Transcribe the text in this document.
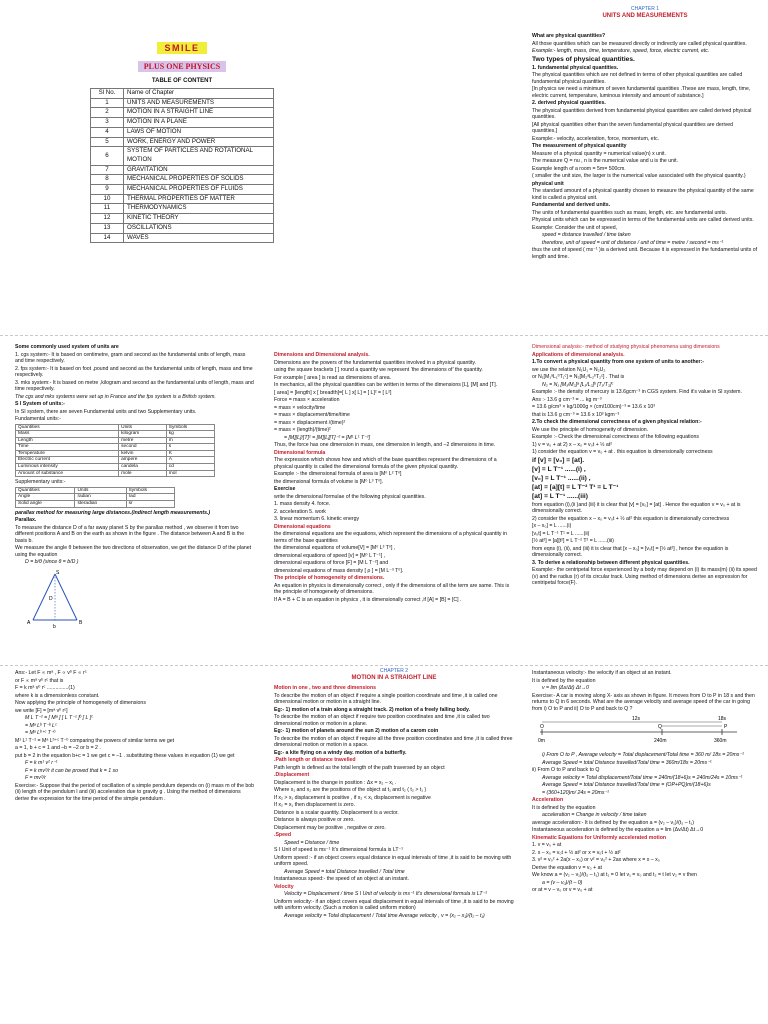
SMILE
PLUS ONE PHYSICS
TABLE OF CONTENT
Sl No.	Name of Chapter
1	UNITS AND MEASUREMENTS
2	MOTION IN A STRAIGHT LINE
3	MOTION IN A PLANE
4	LAWS OF MOTION
5	WORK, ENERGY AND POWER
6	SYSTEM OF PARTICLES AND ROTATIONAL MOTION
7	GRAVITATION
8	MECHANICAL PROPERTIES OF SOLIDS
9	MECHANICAL PROPERTIES OF FLUIDS
10	THERMAL PROPERTIES OF MATTER
11	THERMODYNAMICS
12	KINETIC THEORY
13	OSCILLATIONS
14	WAVES
CHAPTER 1
UNITS AND MEASUREMENTS

What are physical quantities?

All those quantities which can be measured directly or indirectly are called physical quantities.

Example:- length, mass, time, temperature, speed, force, electric current, etc.

Two types of physical quantities.

1. fundamental physical quantities.

The physical quantities which are not defined in terms of other physical quantities are called fundamental physical quantities.

[In physics we need a minimum of seven fundamental quantities .These are mass, length, time, electric current, temperature, luminous intensity and amount of substance.]

2. derived physical quantities.

The physical quantities derived from fundamental physical quantities are called derived physical quantities.

[All physical quantities other than the seven fundamental physical quantities are derived quantities.]

Example:- velocity, acceleration, force, momentum, etc.

The measurement of physical quantity

Measure of a physical quantity = numerical value(n) x unit.

The measure Q = nu , n is the numerical value and u is the unit.

Example length of a room = 5m= 500cm.

( smaller the unit size, the larger is the numerical value associated with the physical quantity.)

physical unit

The standard amount of a physical quantity chosen to measure the physical quantity of the same kind is called a physical unit.

Fundamental and derived units.

The units of fundamental quantities such as mass, length, etc. are fundamental units.

Physical units which can be expressed in terms of the fundamental units are called derived units.

Example: Consider the unit of speed,

speed = distance travelled / time taken

therefore, unit of speed = unit of distance / unit of time = metre / second = ms⁻¹

thus the unit of speed ( ms⁻¹ )is a derived unit. Because it is expressed in the fundamental units of length and time.

Some commonly used system of units are

1. cgs system:- It is based on centimetre, gram and second as the fundamental units of length, mass and time respectively.

2. fps system:- It is based on foot ,pound and second as the fundamental units of length, mass and time respectively.

3. mks system:- It is based on metre ,kilogram and second as the fundamental units of length, mass and time respectively.

The cgs and mks systems were set up in France and the fps system is a British system.

S I System of units:-

In SI system, there are seven Fundamental units and two Supplementary units.

Fundamental units:-

Quantities	Units	Symbols
Mass	kilogram	kg
Length	metre	m
Time	second	s
Temperature	kelvin	K
Electric current	ampere	A
Luminous intensity	candela	cd
Amount of substance	mole	mol
Supplementary units:-
Quantities	Units	Symbols
Angle	radian	rad
Solid angle	steradian	sr

parallax method for measuring large distances.(indirect length measurements.)

Parallax.

To measure the distance D of a far away planet S by the parallax method , we observe it from two different positions A and B on the earth as shown in the figure . The distance between A and B is the basis b.

We measure the angle θ between the two directions of observation, we get the distance D of the planet using the equation

D = b/θ (since θ = b/D )

S
A	B
D
b

Dimensions and Dimensional analysis.

Dimensions are the powers of the fundamental quantities involved in a physical quantity.

using the square brackets [ ] round a quantity we represent ‘the dimensions of’ the quantity.

For example [ area ] is read as dimensions of area.

In mechanics, all the physical quantities can be written in terms of the dimensions [L], [M] and [T].

[ area] = [length] x [ breadth]=[ L ] x[ L] = [ L]² = [ L²]

Force = mass × acceleration

= mass × velocity/time

= mass × displacement/time/time

= mass × displacement /(time)²

= mass × (length)/(time)²

= [M][L]/[T]² = [M][L][T]⁻² = [M¹ L¹ T⁻²]

Thus, the force has one dimension in mass, one dimension in length, and –2 dimensions in time.

Dimensional formula

The expression which shows how and which of the base quantities represent the dimensions of a physical quantity is called the dimensional formula of the given physical quantity.

Example :- the dimensional formula of area is [M⁰ L² T⁰]

the dimensional formula of volume is [M⁰ L³ T⁰].

Exercise

write the dimensional formulae of the following physical quantities.

1. mass density 4. force.

2. acceleration 5. work

3. linear momentum 6. kinetic energy

Dimensional equations

the dimensional equations are the equations, which represent the dimensions of a physical quantity in terms of the base quantities

the dimensional equations of volume[V] = [M⁰ L³ T⁰] ,

dimensional equations of speed [v] = [M⁰ L T⁻¹] ,

dimensional equations of force [F] = [M L T⁻²] and

dimensional equations of mass density [ ρ ] = [M L⁻³ T⁰].

The principle of homogeneity of dimensions.

An equation in physics is dimensionally correct , only if the dimensions of all the term are same. This is the principle of homogeneity of dimensions.

If A = B + C is an equation in physics , it is dimensionally correct ,if [A] = [B] = [C] .

Dimensional analysis:- method of studying physical phenomena using dimensions

Applications of dimensional analysis.

1.To convert a physical quantity from one system of units to another:-

we use the relation N₁U₁ = N₂U₂

or N₁[M₁ᵃL₁ᵇT₁ᶜ] = N₂[M₂ᵃL₂ᵇT₂ᶜ] . That is

N₂ = N₁ [M₁/M₂]ᵃ [L₁/L₂]ᵇ [T₁/T₂]ᶜ

Example :- the density of mercury is 13.6gcm⁻³ in CGS system. Find it’s value in SI system.

Ans :- 13.6 g cm⁻³ = ... kg m⁻³

= 13.6 g/cm³ × kg/1000g × (cm/100cm)⁻³ = 13.6 x 10³

that is 13.6 g cm⁻³ = 13.6 x 10³ kgm⁻³

2.To check the dimensional correctness of a given physical relation:-

We use the principle of homogeneity of dimension.

Example :- Check the dimensional correctness of the following equations

1) v = v₀ + at 2) x – x₀ = v₀t + ½ at²

1) consider the equation v = v₀ + at . this equation is dimensionally correctness

if [v] = [v₀] = [at].

[v] = L T⁻¹ ......(i) ,

[v₀] = L T⁻¹ ......(ii) ,

[at] = [a][t] = L T⁻² T¹ = L T⁻¹

[at] = L T⁻¹ ......(iii)

from equation (i),(ii )and (iii) it is clear that [v] = [v₀] = [at] . Hence the equation v = v₀ + at is dimensionally correct.

2) consider the equation x – x₀ = v₀t + ½ at² this equation is dimensionally correctness

[x – x₀] = L ......(i)

[v₀t] = L T⁻¹ T¹ = L ......(ii)

[½ at²] = [a][t²] = L T⁻² T² = L ......(iii)

from eqns (i), (ii), and (iii) it is clear that [x – x₀] = [v₀t] = [½ at²] , hence the equation is dimensionally correct.

3. To derive a relationship between different physical quantities.

Example:- the centripetal force experienced by a body may depend on (i) its mass(m) (ii) its speed (v) and the radius (r) of its circular track. Using method of dimensions derive an expression for centripetal force(F).

Ans:- Let F ∝ mᵃ , F ∝ vᵇ F ∝ rᶜ

or F ∝ mᵃ vᵇ rᶜ that is

F = k mᵃ vᵇ rᶜ ...............(1)

where k is a dimensionless constant.

Now applying the principle of homogeneity of dimensions

we write [F] = [mᵃ vᵇ rᶜ]

M L T⁻² = [ Mᵃ ] [ L T⁻¹ ]ᵇ [ L ]ᶜ

= Mᵃ Lᵇ T⁻ᵇ Lᶜ

= Mᵃ Lᵇ⁺ᶜ T⁻ᵇ

M¹ L¹ T⁻² = Mᵃ Lᵇ⁺ᶜ T⁻ᵇ comparing the powers of similar terms we get

a = 1, b + c = 1 and –b = –2 or b = 2 .

put b = 2 in the equation b+c = 1 we get c = –1 . substituting these values in equation (1) we get

F = k m¹ v² r⁻¹

F = k mv²/r it can be proved that k = 1 so

F = mv²/r

Exercise:- Suppose that the period of oscillation of a simple pendulum depends on (i) mass m of the bob (ii) length of the pendulum l and (iii) acceleration due to gravity g . Using the method of dimensions derive the expression for the time period of the simple pendulum .

CHAPTER 2
MOTION IN A STRAIGHT LINE

Motion in one , two and three dimensions

To describe the motion of an object if require a single position coordinate and time ,it is called one dimensional motion or motion in a straight line.

Eg:- 1) motion of a train along a straight track. 2) motion of a freely falling body.

To describe the motion of an object if require two position coordinates and time ,it is called two dimensional motion or motion in a plane.

Eg:- 1) motion of planets around the sun 2) motion of a carom coin

To describe the motion of an object if require all the three position coordinates and time ,it is called three dimensional motion or motion in a space.

Eg:- a kite flying on a windy day. motion of a butterfly.

.Path length or distance travelled

Path length is defined as the total length of the path traversed by an object

.Displacement

Displacement is the change in position : Δx = x₂ – x₁ .

Where x₁ and x₂ are the positions of the object at t₁ and t₂ ( t₂ > t₁ )

If x₂ > x₁ displacement is positive , if x₂ < x₁ displacement is negative

If x₂ = x₁ then displacement is zero.

Distance is a scalar quantity. Displacement is a vector.

Distance is always positive or zero.

Displacement may be positive , negative or zero.

.Speed

Speed = Distance / time

S I Unit of speed is ms⁻¹ It’s dimensional formula is LT⁻¹

Uniform speed :- if an object covers equal distance in equal intervals of time ,it is said to be moving with uniform speed.

Average Speed = total Distance travelled / Total time

Instantaneous speed:- the speed of an object at an instant.

Velocity

Velocity = Displacement / time S I Unit of velocity is ms⁻¹ It’s dimensional formula is LT⁻¹

Uniform velocity:- if an object covers equal displacement in equal intervals of time ,it is said to be moving with uniform velocity. (Such a motion is called uniform motion)

Average velocity = Total displacement / Total time Average velocity , v = (x₂ – x₁)/(t₂ – t₁)

Instantaneous velocity:- the velocity if an object at an instant.

It is defined by the equation

v = lim (Δx/Δt) Δt→0

Exercise:- A car is moving along X- axis as shown in figure. It moves from O to P in 18 s and then returns to Q in 6 seconds. What are the average velocity and average speed of the car in going from i) O to P and ii) O to P and back to Q ?

O	Q	P
12s	18s
0m	240m	360m

i) From O to P , Average velocity = Total displacement/Total time = 360 m/ 18s = 20ms⁻¹

Average Speed = total Distance travelled/Total time = 360m/18s = 20ms⁻¹

ii) From O to P and back to Q

Average velocity = Total displacement/Total time = 240m/(18+6)s = 240m/24s = 10ms⁻¹

Average Speed = total Distance travelled/Total time = (OP+PQ)m/(18+6)s

= (360+120)m/ 24s = 20ms⁻¹

Acceleration

It is defined by the equation

acceleration = Change in velocity / time taken

average acceleration:- It is defined by the equation a = (v₂ – v₁)/(t₂ – t₁)

Instantaneous acceleration is defined by the equation a = lim (Δv/Δt) Δt→0

Kinematic Equations for Uniformly accelerated motion

1. v = v₀ + at

2. x – x₀ = v₀t + ½ at² or x = v₀t + ½ at²

3. v² = v₀² + 2a(x – x₀) or v² = v₀² + 2ax where x = x – x₀

Derive the equation v = v₀ + at

We know a = (v₂ – v₁)/(t₂ – t₁) at t₁ = 0 let v₁ = v₀ and t₂ = t let v₂ = v then

a = (v – v₀)/(t – 0)

or at = v – v₀ or v = v₀ + at
